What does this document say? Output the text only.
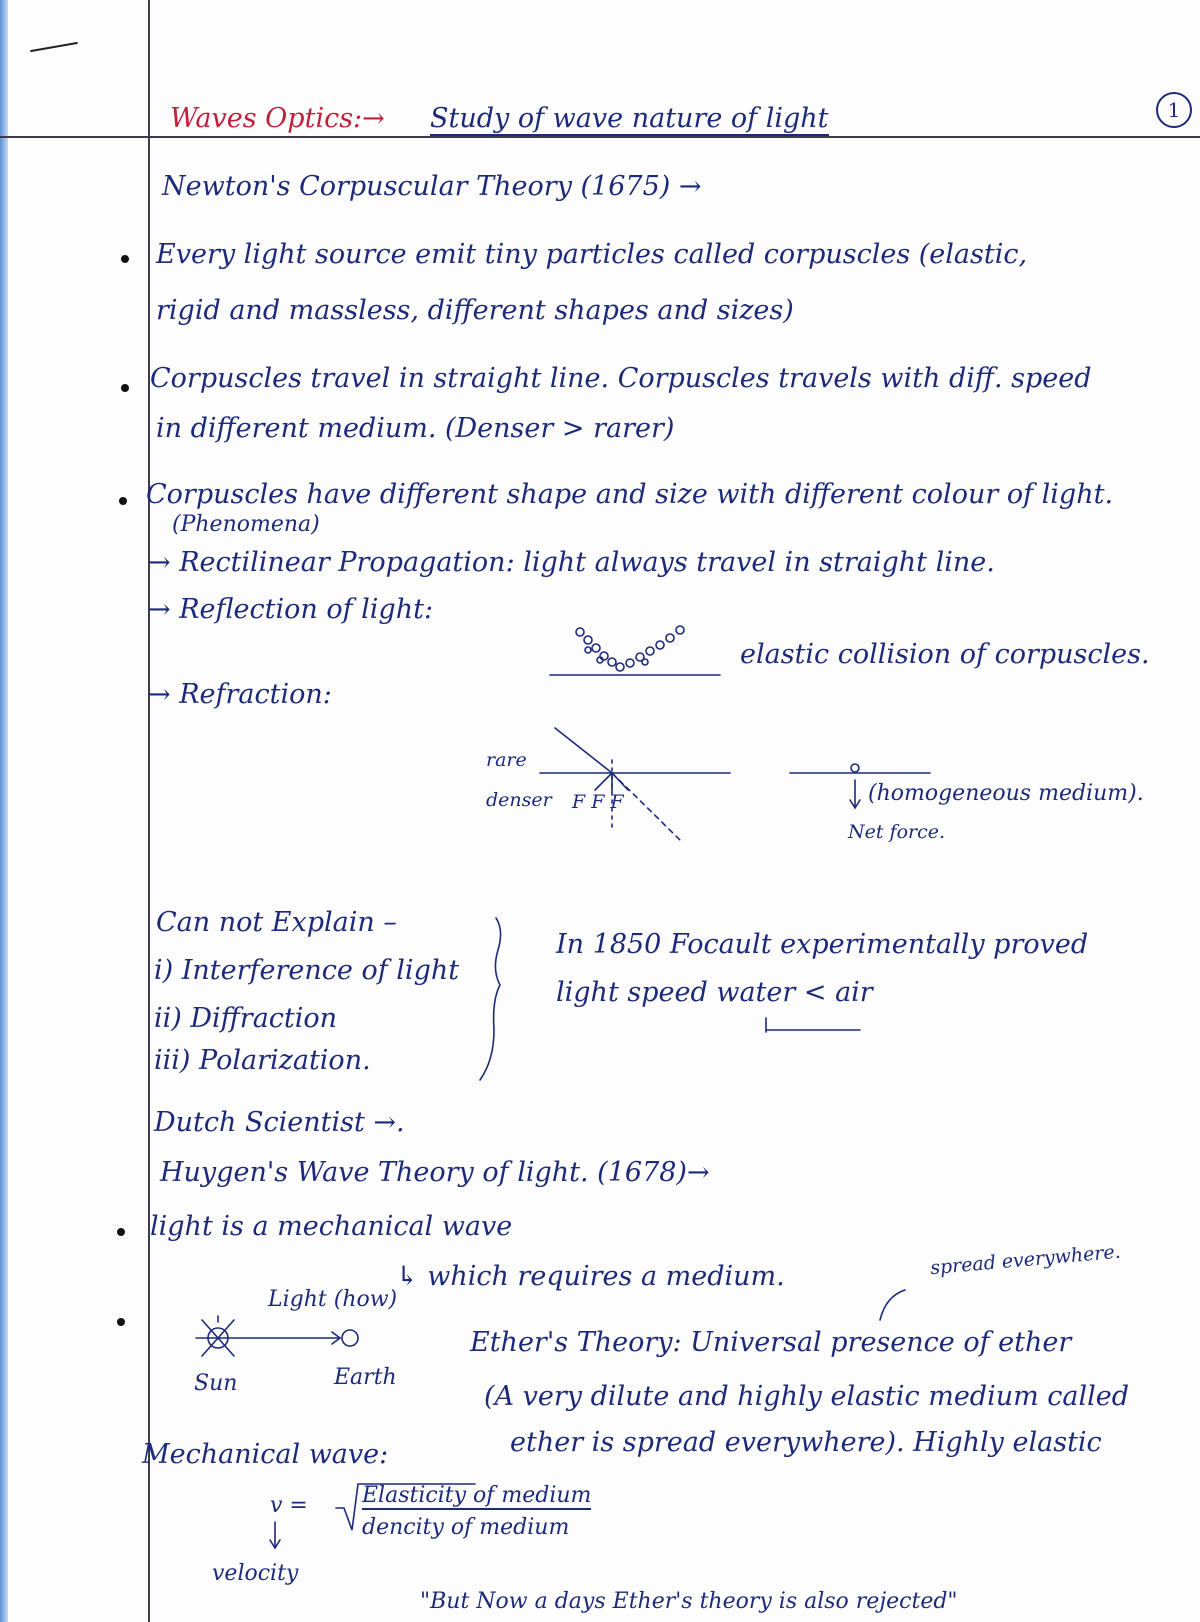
1
Waves Optics:→ Study of wave nature of light
Newton's Corpuscular Theory (1675) →
Every light source emit tiny particles called corpuscles (elastic,
rigid and massless, different shapes and sizes)
Corpuscles travel in straight line. Corpuscles travels with diff. speed
in different medium. (Denser > rarer)
Corpuscles have different shape and size with different colour of light.
(Phenomena)
→ Rectilinear Propagation: light always travel in straight line.
→ Reflection of light:
elastic collision of corpuscles.
→ Refraction:
rare
denser F F F	(homogeneous medium).
Net force.
Can not Explain –
i) Interference of light
ii) Diffraction
iii) Polarization.
In 1850 Focault experimentally proved
light speed water < air
Dutch Scientist →.
Huygen's Wave Theory of light. (1678)→
light is a mechanical wave
↳ which requires a medium.	spread everywhere.
Light (how)
Sun	Earth
Ether's Theory: Universal presence of ether
(A very dilute and highly elastic medium called
ether is spread everywhere). Highly elastic
Mechanical wave:
v = Elasticity of medium
dencity of medium
velocity
"But Now a days Ether's theory is also rejected"
